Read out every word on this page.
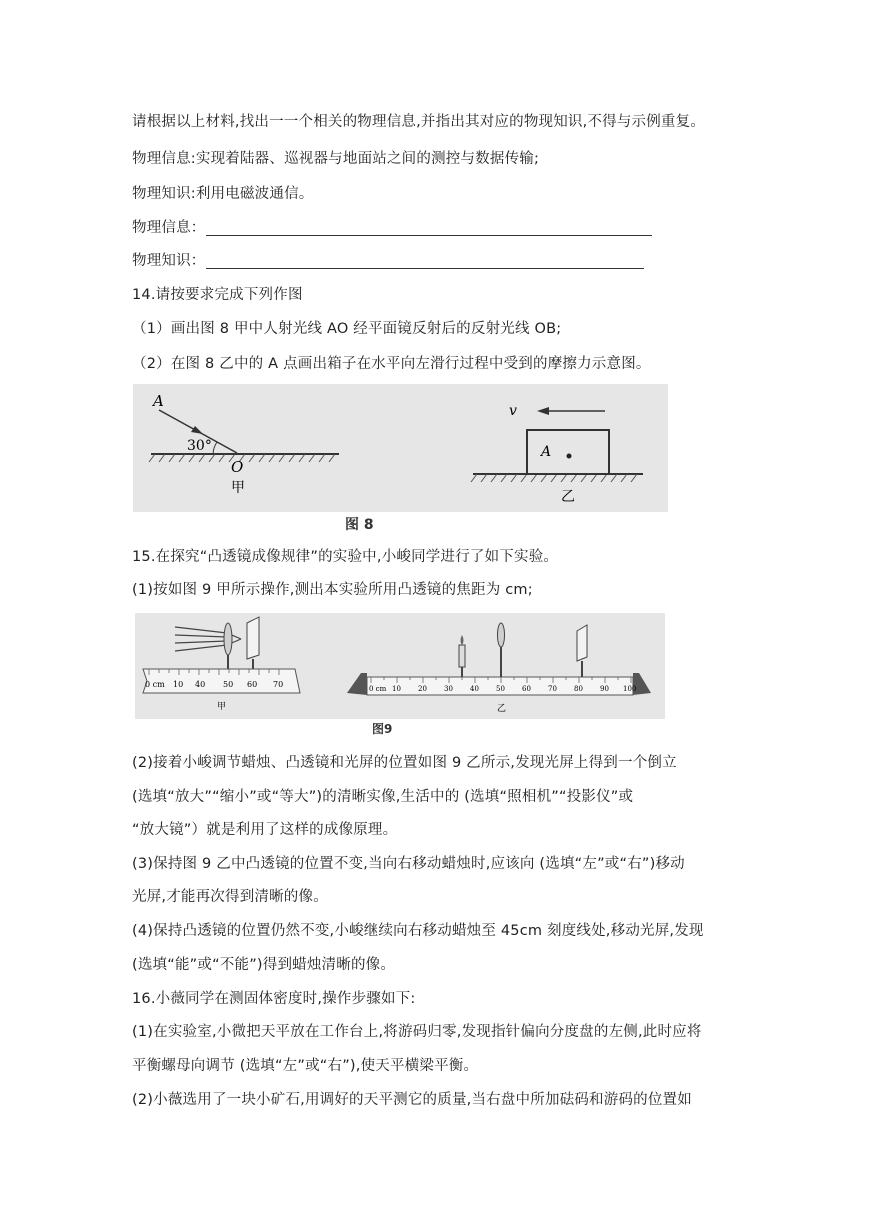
请根据以上材料,找出一一个相关的物理信息,并指出其对应的物现知识,不得与示例重复。
物理信息:实现着陆器、巡视器与地面站之间的测控与数据传输;
物理知识:利用电磁波通信。
物理信息：
物理知识：
14.请按要求完成下列作图
（1）画出图 8 甲中人射光线 AO 经平面镜反射后的反射光线 OB;
（2）在图 8 乙中的 A 点画出箱子在水平向左滑行过程中受到的摩擦力示意图。
A
30°
O
甲
v
A
乙
图 8
15.在探究“凸透镜成像规律”的实验中,小峻同学进行了如下实验。
(1)按如图 9 甲所示操作,测出本实验所用凸透镜的焦距为 cm;
0 cm 10 40 50 60 70
甲
0 cm 10 20 30 40 50 60 70 80 90 100
乙
图9
(2)接着小峻调节蜡烛、凸透镜和光屏的位置如图 9 乙所示,发现光屏上得到一个倒立
(选填“放大”“缩小”或“等大”)的清晰实像,生活中的 (选填“照相机”“投影仪”或
“放大镜”）就是利用了这样的成像原理。
(3)保持图 9 乙中凸透镜的位置不变,当向右移动蜡烛时,应该向 (选填“左”或“右”)移动
光屏,才能再次得到清晰的像。
(4)保持凸透镜的位置仍然不变,小峻继续向右移动蜡烛至 45cm 刻度线处,移动光屏,发现
(选填“能”或“不能”)得到蜡烛清晰的像。
16.小薇同学在测固体密度时,操作步骤如下:
(1)在实验室,小微把天平放在工作台上,将游码归零,发现指针偏向分度盘的左侧,此时应将
平衡螺母向调节 (选填“左”或“右”),使天平横梁平衡。
(2)小薇选用了一块小矿石,用调好的天平测它的质量,当右盘中所加砝码和游码的位置如
